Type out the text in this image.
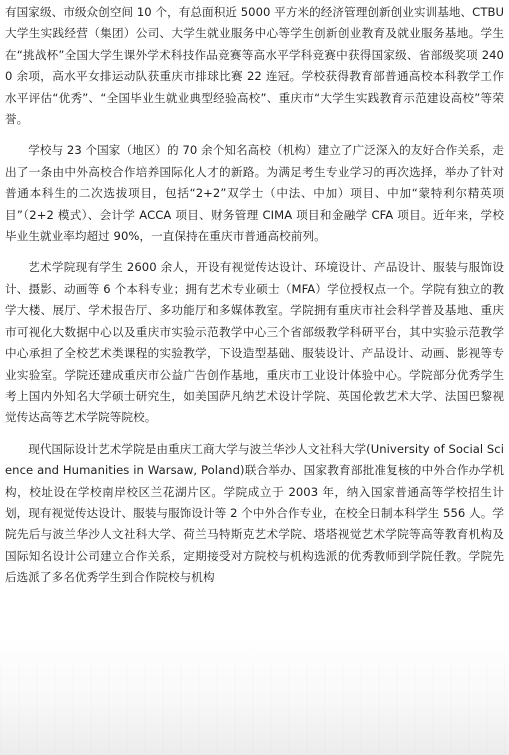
有国家级、市级众创空间 10 个，有总面积近 5000 平方米的经济管理创新创业实训基地、CTBU 大学生实践经营（集团）公司、大学生就业服务中心等学生创新创业教育及就业服务基地。学生在“挑战杯”全国大学生课外学术科技作品竞赛等高水平学科竞赛中获得国家级、省部级奖项 2400 余项，高水平女排运动队获重庆市排球比赛 22 连冠。学校获得教育部普通高校本科教学工作水平评估“优秀”、“全国毕业生就业典型经验高校”、重庆市“大学生实践教育示范建设高校”等荣誉。

学校与 23 个国家（地区）的 70 余个知名高校（机构）建立了广泛深入的友好合作关系，走出了一条由中外高校合作培养国际化人才的新路。为满足考生专业学习的再次选择，举办了针对普通本科生的二次选拔项目，包括“2+2”双学士（中法、中加）项目、中加“蒙特利尔精英项目”（2+2 模式）、会计学 ACCA 项目、财务管理 CIMA 项目和金融学 CFA 项目。近年来，学校毕业生就业率均超过 90%，一直保持在重庆市普通高校前列。

艺术学院现有学生 2600 余人，开设有视觉传达设计、环境设计、产品设计、服装与服饰设计、摄影、动画等 6 个本科专业；拥有艺术专业硕士（MFA）学位授权点一个。学院有独立的教学大楼、展厅、学术报告厅、多功能厅和多媒体教室。学院拥有重庆市社会科学普及基地、重庆市可视化大数据中心以及重庆市实验示范教学中心三个省部级教学科研平台，其中实验示范教学中心承担了全校艺术类课程的实验教学，下设造型基础、服装设计、产品设计、动画、影视等专业实验室。学院还建成重庆市公益广告创作基地，重庆市工业设计体验中心。学院部分优秀学生考上国内外知名大学硕士研究生，如美国萨凡纳艺术设计学院、英国伦敦艺术大学、法国巴黎视觉传达高等艺术学院等院校。

现代国际设计艺术学院是由重庆工商大学与波兰华沙人文社科大学(University of Social Science and Humanities in Warsaw, Poland)联合举办、国家教育部批准复核的中外合作办学机构，校址设在学校南岸校区兰花湖片区。学院成立于 2003 年，纳入国家普通高等学校招生计划，现有视觉传达设计、服装与服饰设计等 2 个中外合作专业，在校全日制本科学生 556 人。学院先后与波兰华沙人文社科大学、荷兰马特斯克艺术学院、塔塔视觉艺术学院等高等教育机构及国际知名设计公司建立合作关系，定期接受对方院校与机构选派的优秀教师到学院任教。学院先后选派了多名优秀学生到合作院校与机构
